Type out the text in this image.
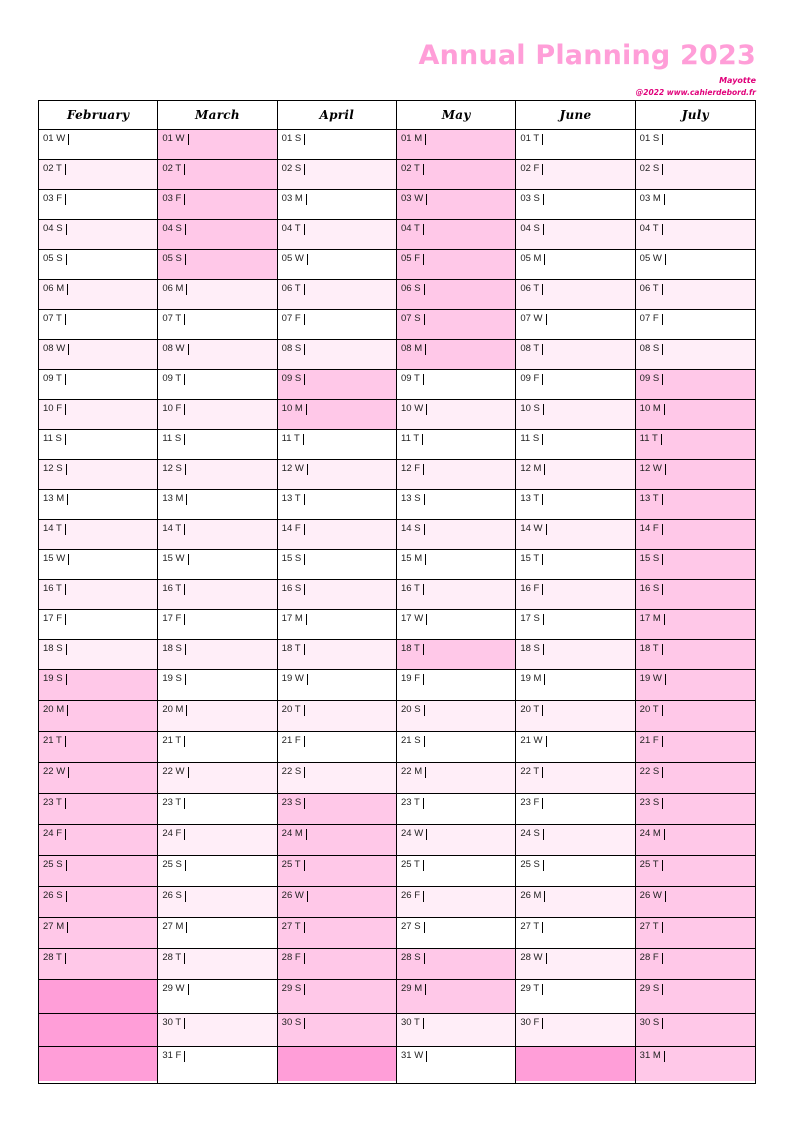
Annual Planning 2023
Mayotte
@2022 www.cahierdebord.fr
February
01 W
02 T
03 F
04 S
05 S
06 M
07 T
08 W
09 T
10 F
11 S
12 S
13 M
14 T
15 W
16 T
17 F
18 S
19 S
20 M
21 T
22 W
23 T
24 F
25 S
26 S
27 M
28 T
March
01 W
02 T
03 F
04 S
05 S
06 M
07 T
08 W
09 T
10 F
11 S
12 S
13 M
14 T
15 W
16 T
17 F
18 S
19 S
20 M
21 T
22 W
23 T
24 F
25 S
26 S
27 M
28 T
29 W
30 T
31 F
April
01 S
02 S
03 M
04 T
05 W
06 T
07 F
08 S
09 S
10 M
11 T
12 W
13 T
14 F
15 S
16 S
17 M
18 T
19 W
20 T
21 F
22 S
23 S
24 M
25 T
26 W
27 T
28 F
29 S
30 S
May
01 M
02 T
03 W
04 T
05 F
06 S
07 S
08 M
09 T
10 W
11 T
12 F
13 S
14 S
15 M
16 T
17 W
18 T
19 F
20 S
21 S
22 M
23 T
24 W
25 T
26 F
27 S
28 S
29 M
30 T
31 W
June
01 T
02 F
03 S
04 S
05 M
06 T
07 W
08 T
09 F
10 S
11 S
12 M
13 T
14 W
15 T
16 F
17 S
18 S
19 M
20 T
21 W
22 T
23 F
24 S
25 S
26 M
27 T
28 W
29 T
30 F
July
01 S
02 S
03 M
04 T
05 W
06 T
07 F
08 S
09 S
10 M
11 T
12 W
13 T
14 F
15 S
16 S
17 M
18 T
19 W
20 T
21 F
22 S
23 S
24 M
25 T
26 W
27 T
28 F
29 S
30 S
31 M
